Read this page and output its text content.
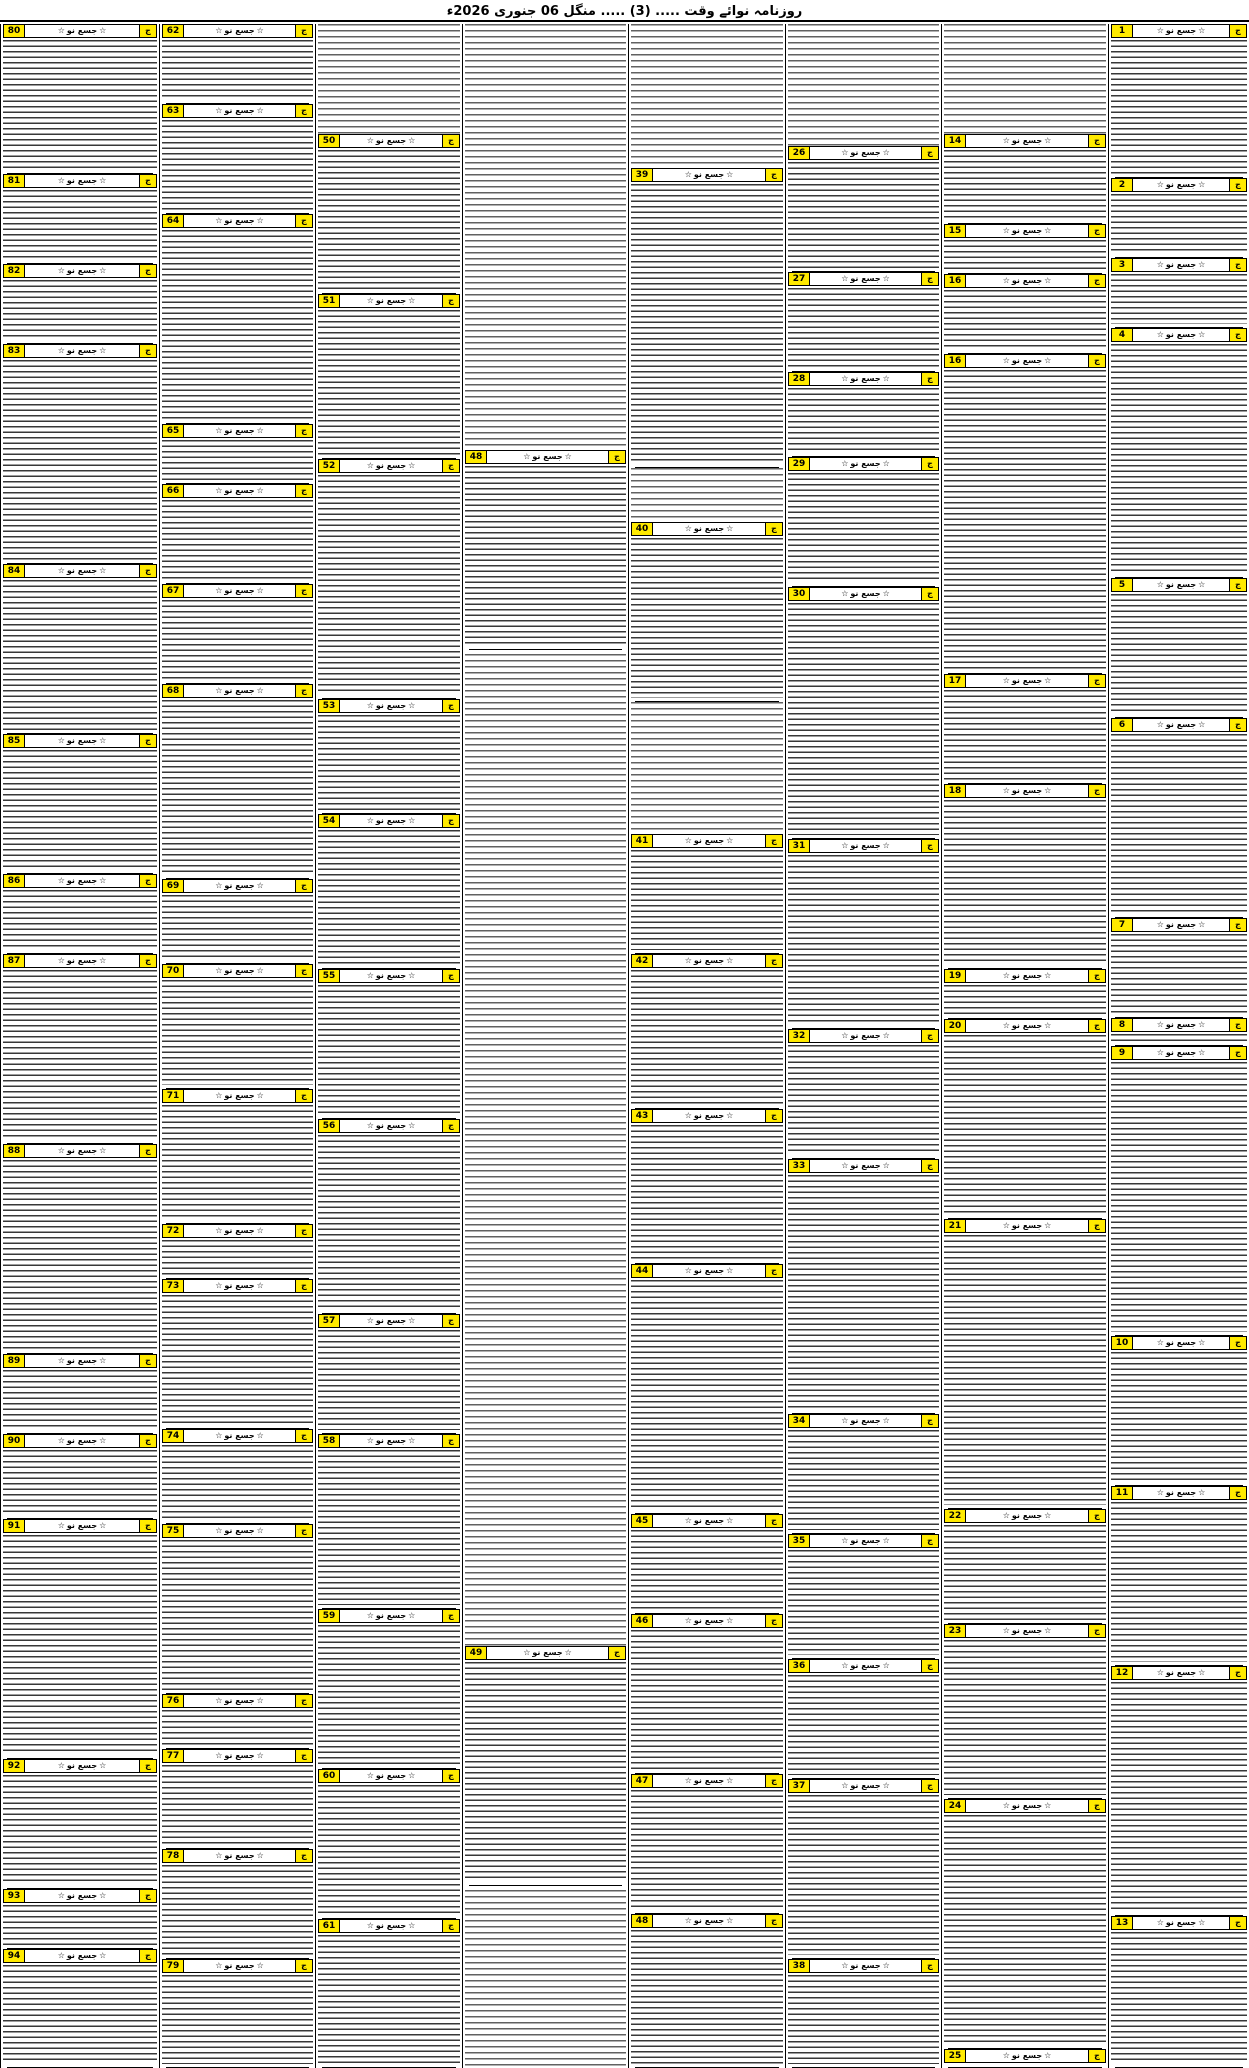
روزنامہ نوائے وقت ..... (3) ..... منگل 06 جنوری 2026ء
1	☆جسع نو☆	ج
2	☆جسع نو☆	ج
3	☆جسع نو☆	ج
4	☆جسع نو☆	ج
5	☆جسع نو☆	ج
6	☆جسع نو☆	ج
7	☆جسع نو☆	ج
8	☆جسع نو☆	ج
9	☆جسع نو☆	ج
10	☆جسع نو☆	ج
11	☆جسع نو☆	ج
12	☆جسع نو☆	ج
13	☆جسع نو☆	ج
14	☆جسع نو☆	ج
15	☆جسع نو☆	ج
16	☆جسع نو☆	ج
16	☆جسع نو☆	ج
17	☆جسع نو☆	ج
18	☆جسع نو☆	ج
19	☆جسع نو☆	ج
20	☆جسع نو☆	ج
21	☆جسع نو☆	ج
22	☆جسع نو☆	ج
23	☆جسع نو☆	ج
24	☆جسع نو☆	ج
25	☆جسع نو☆	ج
26	☆جسع نو☆	ج
27	☆جسع نو☆	ج
28	☆جسع نو☆	ج
29	☆جسع نو☆	ج
30	☆جسع نو☆	ج
31	☆جسع نو☆	ج
32	☆جسع نو☆	ج
33	☆جسع نو☆	ج
34	☆جسع نو☆	ج
35	☆جسع نو☆	ج
36	☆جسع نو☆	ج
37	☆جسع نو☆	ج
38	☆جسع نو☆	ج
39	☆جسع نو☆	ج
40	☆جسع نو☆	ج
41	☆جسع نو☆	ج
42	☆جسع نو☆	ج
43	☆جسع نو☆	ج
44	☆جسع نو☆	ج
45	☆جسع نو☆	ج
46	☆جسع نو☆	ج
47	☆جسع نو☆	ج
48	☆جسع نو☆	ج
48	☆جسع نو☆	ج
49	☆جسع نو☆	ج
50	☆جسع نو☆	ج
51	☆جسع نو☆	ج
52	☆جسع نو☆	ج
53	☆جسع نو☆	ج
54	☆جسع نو☆	ج
55	☆جسع نو☆	ج
56	☆جسع نو☆	ج
57	☆جسع نو☆	ج
58	☆جسع نو☆	ج
59	☆جسع نو☆	ج
60	☆جسع نو☆	ج
61	☆جسع نو☆	ج
62	☆جسع نو☆	ج
63	☆جسع نو☆	ج
64	☆جسع نو☆	ج
65	☆جسع نو☆	ج
66	☆جسع نو☆	ج
67	☆جسع نو☆	ج
68	☆جسع نو☆	ج
69	☆جسع نو☆	ج
70	☆جسع نو☆	ج
71	☆جسع نو☆	ج
72	☆جسع نو☆	ج
73	☆جسع نو☆	ج
74	☆جسع نو☆	ج
75	☆جسع نو☆	ج
76	☆جسع نو☆	ج
77	☆جسع نو☆	ج
78	☆جسع نو☆	ج
79	☆جسع نو☆	ج
80	☆جسع نو☆	ج
81	☆جسع نو☆	ج
82	☆جسع نو☆	ج
83	☆جسع نو☆	ج
84	☆جسع نو☆	ج
85	☆جسع نو☆	ج
86	☆جسع نو☆	ج
87	☆جسع نو☆	ج
88	☆جسع نو☆	ج
89	☆جسع نو☆	ج
90	☆جسع نو☆	ج
91	☆جسع نو☆	ج
92	☆جسع نو☆	ج
93	☆جسع نو☆	ج
94	☆جسع نو☆	ج
